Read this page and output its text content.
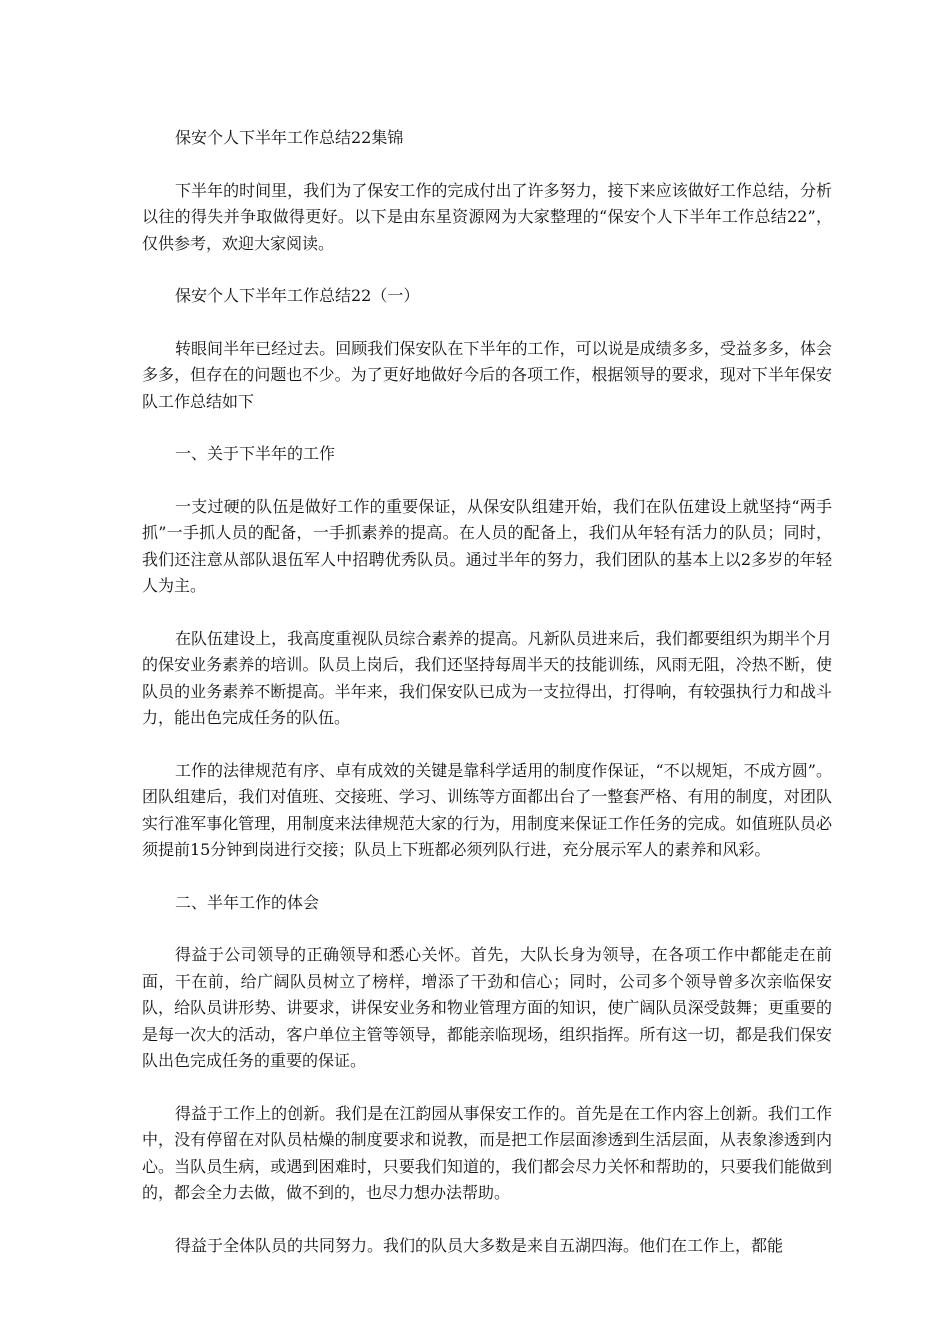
保安个人下半年工作总结22集锦

下半年的时间里，我们为了保安工作的完成付出了许多努力，接下来应该做好工作总结，分析以往的得失并争取做得更好。以下是由东星资源网为大家整理的“保安个人下半年工作总结22”，仅供参考，欢迎大家阅读。

保安个人下半年工作总结22（一）

转眼间半年已经过去。回顾我们保安队在下半年的工作，可以说是成绩多多，受益多多，体会多多，但存在的问题也不少。为了更好地做好今后的各项工作，根据领导的要求，现对下半年保安队工作总结如下

一、关于下半年的工作

一支过硬的队伍是做好工作的重要保证，从保安队组建开始，我们在队伍建设上就坚持“两手抓”一手抓人员的配备，一手抓素养的提高。在人员的配备上，我们从年轻有活力的队员；同时，我们还注意从部队退伍军人中招聘优秀队员。通过半年的努力，我们团队的基本上以2多岁的年轻人为主。

在队伍建设上，我高度重视队员综合素养的提高。凡新队员进来后，我们都要组织为期半个月的保安业务素养的培训。队员上岗后，我们还坚持每周半天的技能训练，风雨无阻，冷热不断，使队员的业务素养不断提高。半年来，我们保安队已成为一支拉得出，打得响，有较强执行力和战斗力，能出色完成任务的队伍。

工作的法律规范有序、卓有成效的关键是靠科学适用的制度作保证，“不以规矩，不成方圆”。团队组建后，我们对值班、交接班、学习、训练等方面都出台了一整套严格、有用的制度，对团队实行准军事化管理，用制度来法律规范大家的行为，用制度来保证工作任务的完成。如值班队员必须提前15分钟到岗进行交接；队员上下班都必须列队行进，充分展示军人的素养和风彩。

二、半年工作的体会

得益于公司领导的正确领导和悉心关怀。首先，大队长身为领导，在各项工作中都能走在前面，干在前，给广阔队员树立了榜样，增添了干劲和信心；同时，公司多个领导曾多次亲临保安队，给队员讲形势、讲要求，讲保安业务和物业管理方面的知识，使广阔队员深受鼓舞；更重要的是每一次大的活动，客户单位主管等领导，都能亲临现场，组织指挥。所有这一切，都是我们保安队出色完成任务的重要的保证。

得益于工作上的创新。我们是在江韵园从事保安工作的。首先是在工作内容上创新。我们工作中，没有停留在对队员枯燥的制度要求和说教，而是把工作层面渗透到生活层面，从表象渗透到内心。当队员生病，或遇到困难时，只要我们知道的，我们都会尽力关怀和帮助的，只要我们能做到的，都会全力去做，做不到的，也尽力想办法帮助。

得益于全体队员的共同努力。我们的队员大多数是来自五湖四海。他们在工作上，都能
